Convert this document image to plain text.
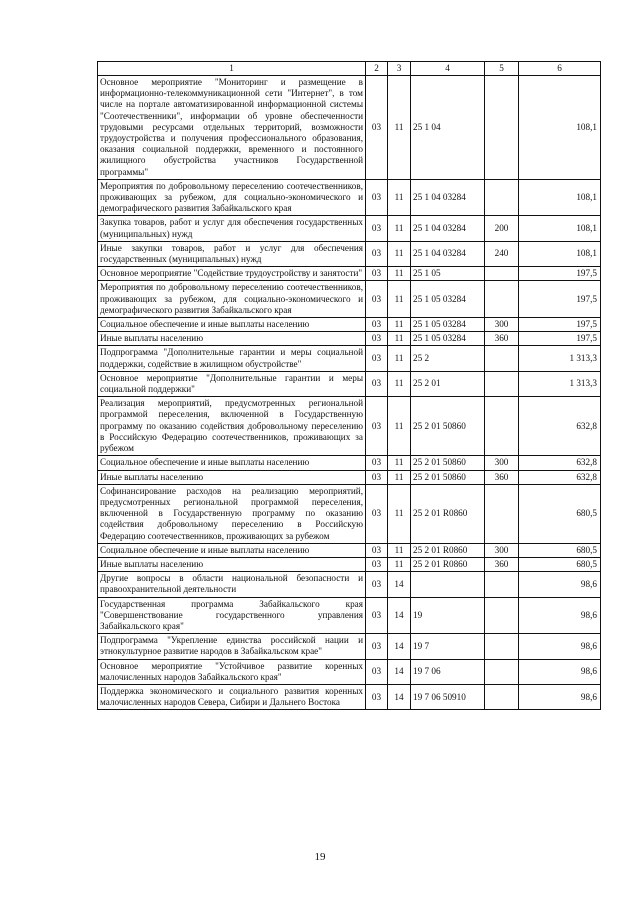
1	2	3	4	5	6
Основное мероприятие "Мониторинг и размещение в информационно-телекоммуникационной сети "Интернет", в том числе на портале автоматизированной информационной системы "Соотечественники", информации об уровне обеспеченности трудовыми ресурсами отдельных территорий, возможности трудоустройства и получения профессионального образования, оказания социальной поддержки, временного и постоянного жилищного обустройства участников Государственной программы"	03	11	25 1 04		108,1
Мероприятия по добровольному переселению соотечественников, проживающих за рубежом, для социально-экономического и демографического развития Забайкальского края	03	11	25 1 04 03284		108,1
Закупка товаров, работ и услуг для обеспечения государственных (муниципальных) нужд	03	11	25 1 04 03284	200	108,1
Иные закупки товаров, работ и услуг для обеспечения государственных (муниципальных) нужд	03	11	25 1 04 03284	240	108,1
Основное мероприятие "Содействие трудоустройству и занятости"	03	11	25 1 05		197,5
Мероприятия по добровольному переселению соотечественников, проживающих за рубежом, для социально-экономического и демографического развития Забайкальского края	03	11	25 1 05 03284		197,5
Социальное обеспечение и иные выплаты населению	03	11	25 1 05 03284	300	197,5
Иные выплаты населению	03	11	25 1 05 03284	360	197,5
Подпрограмма "Дополнительные гарантии и меры социальной поддержки, содействие в жилищном обустройстве"	03	11	25 2		1 313,3
Основное мероприятие "Дополнительные гарантии и меры социальной поддержки"	03	11	25 2 01		1 313,3
Реализация мероприятий, предусмотренных региональной программой переселения, включенной в Государственную программу по оказанию содействия добровольному переселению в Российскую Федерацию соотечественников, проживающих за рубежом	03	11	25 2 01 50860		632,8
Социальное обеспечение и иные выплаты населению	03	11	25 2 01 50860	300	632,8
Иные выплаты населению	03	11	25 2 01 50860	360	632,8
Софинансирование расходов на реализацию мероприятий, предусмотренных региональной программой переселения, включенной в Государственную программу по оказанию содействия добровольному переселению в Российскую Федерацию соотечественников, проживающих за рубежом	03	11	25 2 01 R0860		680,5
Социальное обеспечение и иные выплаты населению	03	11	25 2 01 R0860	300	680,5
Иные выплаты населению	03	11	25 2 01 R0860	360	680,5
Другие вопросы в области национальной безопасности и правоохранительной деятельности	03	14			98,6
Государственная программа Забайкальского края "Совершенствование государственного управления Забайкальского края"	03	14	19		98,6
Подпрограмма "Укрепление единства российской нации и этнокультурное развитие народов в Забайкальском крае"	03	14	19 7		98,6
Основное мероприятие "Устойчивое развитие коренных малочисленных народов Забайкальского края"	03	14	19 7 06		98,6
Поддержка экономического и социального развития коренных малочисленных народов Севера, Сибири и Дальнего Востока	03	14	19 7 06 50910		98,6
19
